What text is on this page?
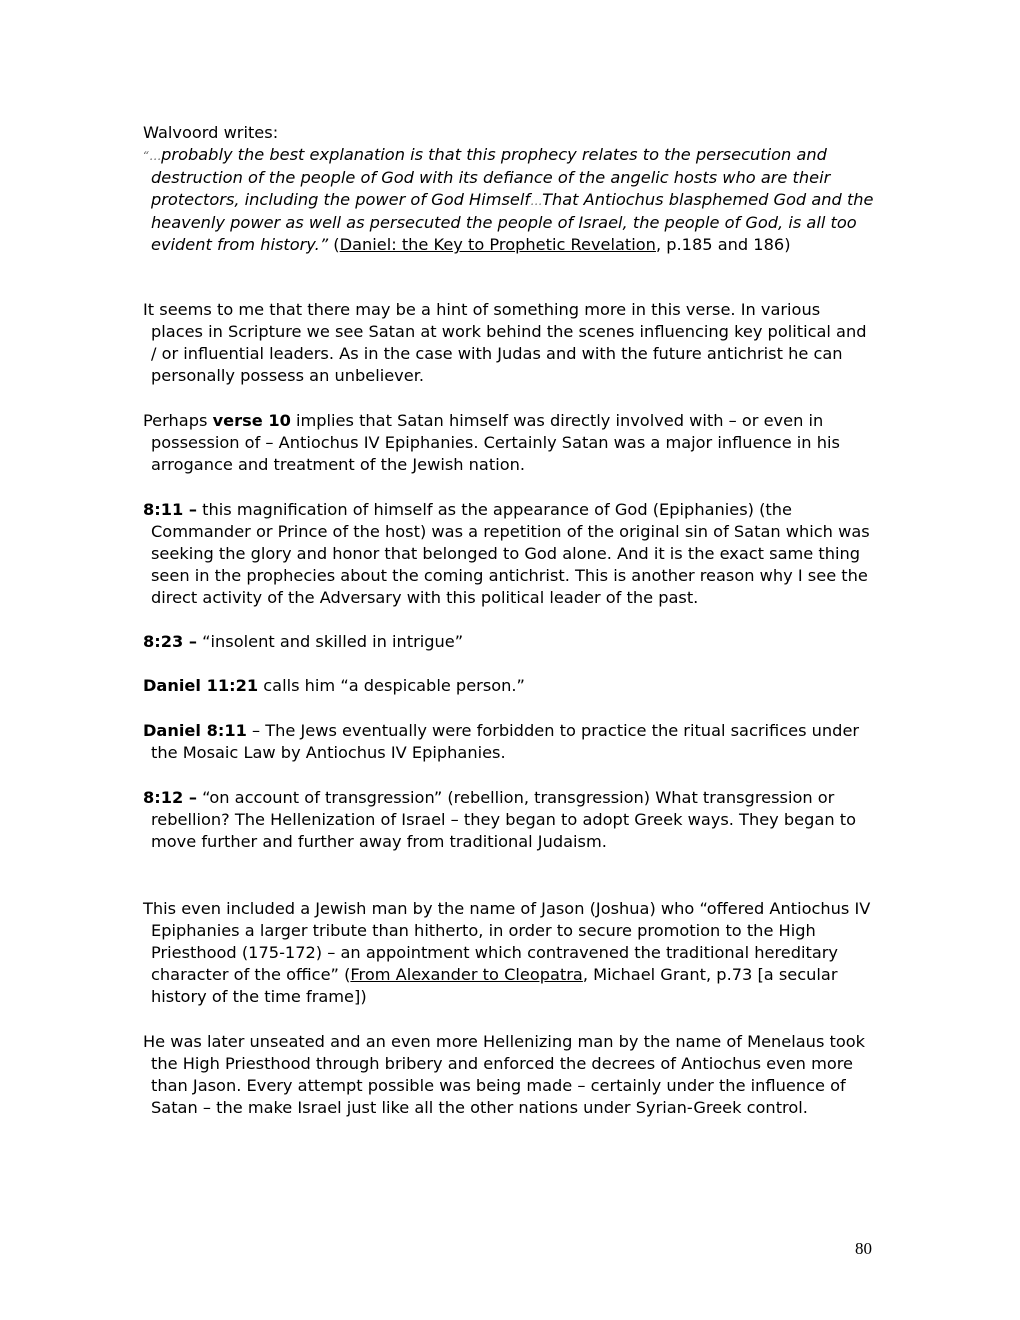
Walvoord writes:
“…probably the best explanation is that this prophecy relates to the persecution and destruction of the people of God with its defiance of the angelic hosts who are their protectors, including the power of God Himself…That Antiochus blasphemed God and the heavenly power as well as persecuted the people of Israel, the people of God, is all too evident from history.” (Daniel: the Key to Prophetic Revelation, p.185 and 186)
It seems to me that there may be a hint of something more in this verse. In various places in Scripture we see Satan at work behind the scenes influencing key political and / or influential leaders. As in the case with Judas and with the future antichrist he can personally possess an unbeliever.
Perhaps verse 10 implies that Satan himself was directly involved with – or even in possession of – Antiochus IV Epiphanies. Certainly Satan was a major influence in his arrogance and treatment of the Jewish nation.
8:11 – this magnification of himself as the appearance of God (Epiphanies) (the Commander or Prince of the host) was a repetition of the original sin of Satan which was seeking the glory and honor that belonged to God alone. And it is the exact same thing seen in the prophecies about the coming antichrist. This is another reason why I see the direct activity of the Adversary with this political leader of the past.
8:23 – “insolent and skilled in intrigue”
Daniel 11:21 calls him “a despicable person.”
Daniel 8:11 – The Jews eventually were forbidden to practice the ritual sacrifices under the Mosaic Law by Antiochus IV Epiphanies.
8:12 – “on account of transgression” (rebellion, transgression) What transgression or rebellion? The Hellenization of Israel – they began to adopt Greek ways. They began to move further and further away from traditional Judaism.
This even included a Jewish man by the name of Jason (Joshua) who “offered Antiochus IV Epiphanies a larger tribute than hitherto, in order to secure promotion to the High Priesthood (175-172) – an appointment which contravened the traditional hereditary character of the office” (From Alexander to Cleopatra, Michael Grant, p.73 [a secular history of the time frame])
He was later unseated and an even more Hellenizing man by the name of Menelaus took the High Priesthood through bribery and enforced the decrees of Antiochus even more than Jason. Every attempt possible was being made – certainly under the influence of Satan – the make Israel just like all the other nations under Syrian-Greek control.
80
